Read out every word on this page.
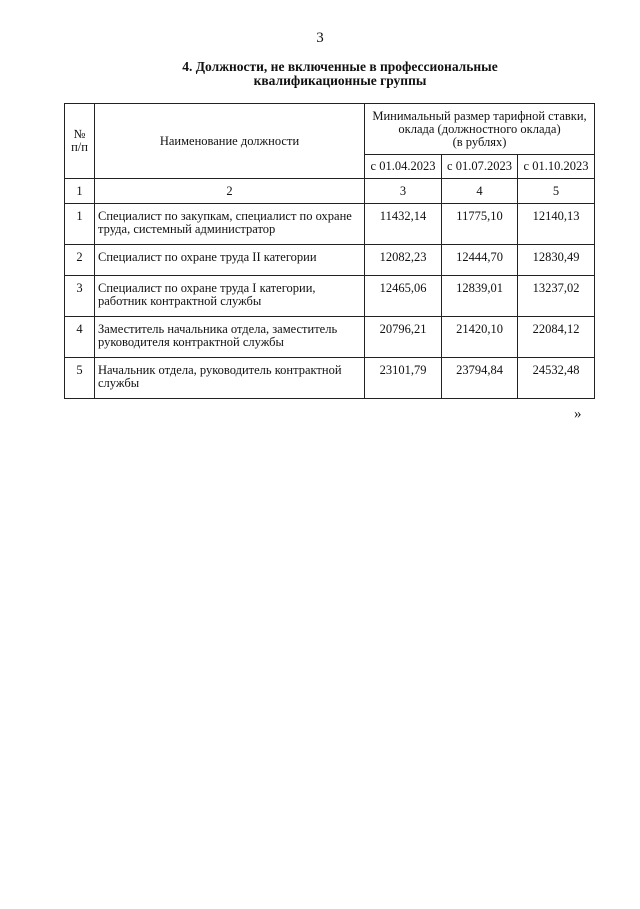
3
4. Должности, не включенные в профессиональные
квалификационные группы
№
п/п	Наименование должности	Минимальный размер тарифной ставки,
оклада (должностного оклада)
(в рублях)		

		с 01.04.2023	с 01.07.2023	с 01.10.2023
1	2	3	4	5
1	Специалист по закупкам, специалист по охране труда, системный администратор	11432,14	11775,10	12140,13
2	Специалист по охране труда II категории	12082,23	12444,70	12830,49
3	Специалист по охране труда I категории, работник контрактной службы	12465,06	12839,01	13237,02
4	Заместитель начальника отдела, заместитель руководителя контрактной службы	20796,21	21420,10	22084,12
5	Начальник отдела, руководитель контрактной службы	23101,79	23794,84	24532,48
»
